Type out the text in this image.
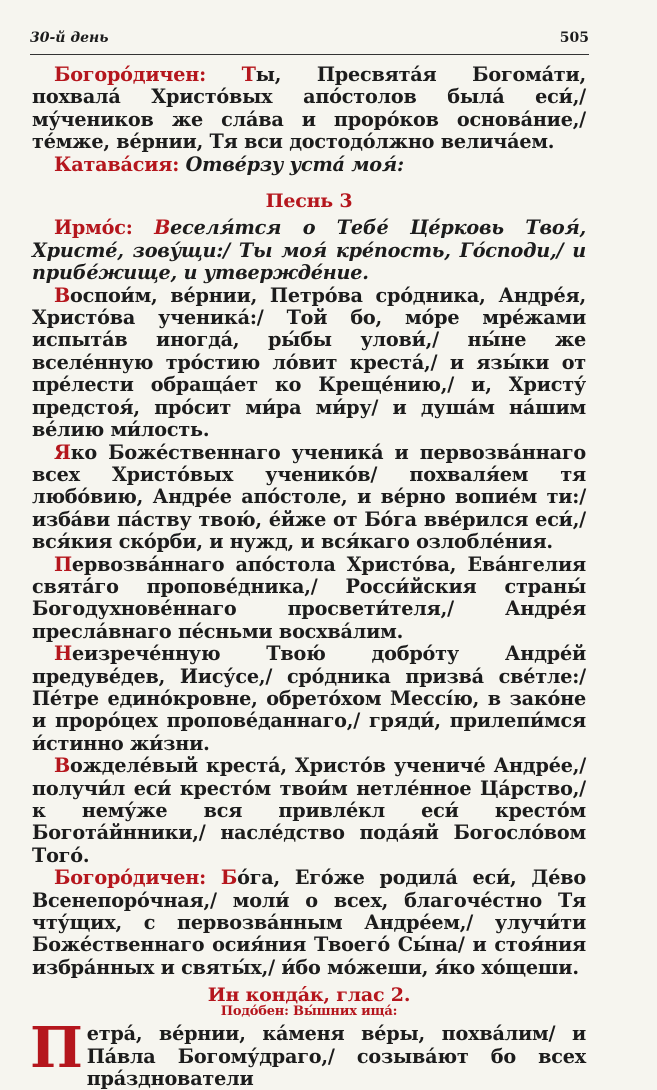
30-й день	505

Богоро́дичен: Ты, Пресвята́я Богома́ти, похвала́ Христо́вых апо́столов была́ еси́,/ му́чеников же сла́ва и проро́ков основа́ние,/ те́мже, ве́рнии, Тя вси достодо́лжно велича́ем.

Катава́сия: Отве́рзу уста́ моя́:

Песнь 3

Ирмо́с: Веселя́тся о Тебе́ Це́рковь Твоя́, Христе́, зову́щи:/ Ты моя́ кре́пость, Го́споди,/ и прибе́жище, и утвержде́ние.

Воспои́м, ве́рнии, Петро́ва сро́дника, Андре́я, Христо́ва ученика́:/ Той бо, мо́ре мре́жами испыта́в иногда́, ры́бы улови́,/ ны́не же вселе́нную тро́стию ло́вит креста́,/ и язы́ки от пре́лести обраща́ет ко Креще́нию,/ и, Христу́ предстоя́, про́сит ми́ра ми́ру/ и душа́м на́шим ве́лию ми́лость.

Яко Боже́ственнаго ученика́ и первозва́ннаго всех Христо́вых ученико́в/ похваля́ем тя любо́вию, Андре́е апо́столе, и ве́рно вопие́м ти:/ изба́ви па́ству твою́, е́йже от Бо́га вве́рился еси́,/ вся́кия ско́рби, и нужд, и вся́каго озлобле́ния.

Первозва́ннаго апо́стола Христо́ва, Ева́нгелия свята́го пропове́дника,/ Росси́йския страны́ Богодухнове́ннаго просвети́теля,/ Андре́я пресла́внаго пе́сньми восхва́лим.

Неизрече́нную Твою́ добро́ту Андре́й предуве́дев, Иису́се,/ сро́дника призва́ све́тле:/ Пе́тре едино́кровне, обрето́хом Мессі́ю, в зако́не и проро́цех пропове́даннаго,/ гряди́, прилепи́мся и́стинно жи́зни.

Вожделе́вый креста́, Христо́в учениче́ Андре́е,/ получи́л еси́ кресто́м твои́м нетле́нное Ца́рство,/ к нему́же вся привле́кл еси́ кресто́м Богота́йнники,/ насле́дство пода́яй Богосло́вом Того́.

Богоро́дичен: Бо́га, Его́же родила́ еси́, Де́во Всенепоро́чная,/ моли́ о всех, благоче́стно Тя чту́щих, с первозва́нным Андре́ем,/ улучи́ти Боже́ственнаго осия́ния Твоего́ Сы́на/ и стоя́ния избра́нных и святы́х,/ и́бо мо́жеши, я́ко хо́щеши.

Ин конда́к, глас 2.
Подо́бен: Вы́шних ища́:

Петра́, ве́рнии, ка́меня ве́ры, похва́лим/ и Па́вла Богому́драго,/ созыва́ют бо всех пра́зднователи
